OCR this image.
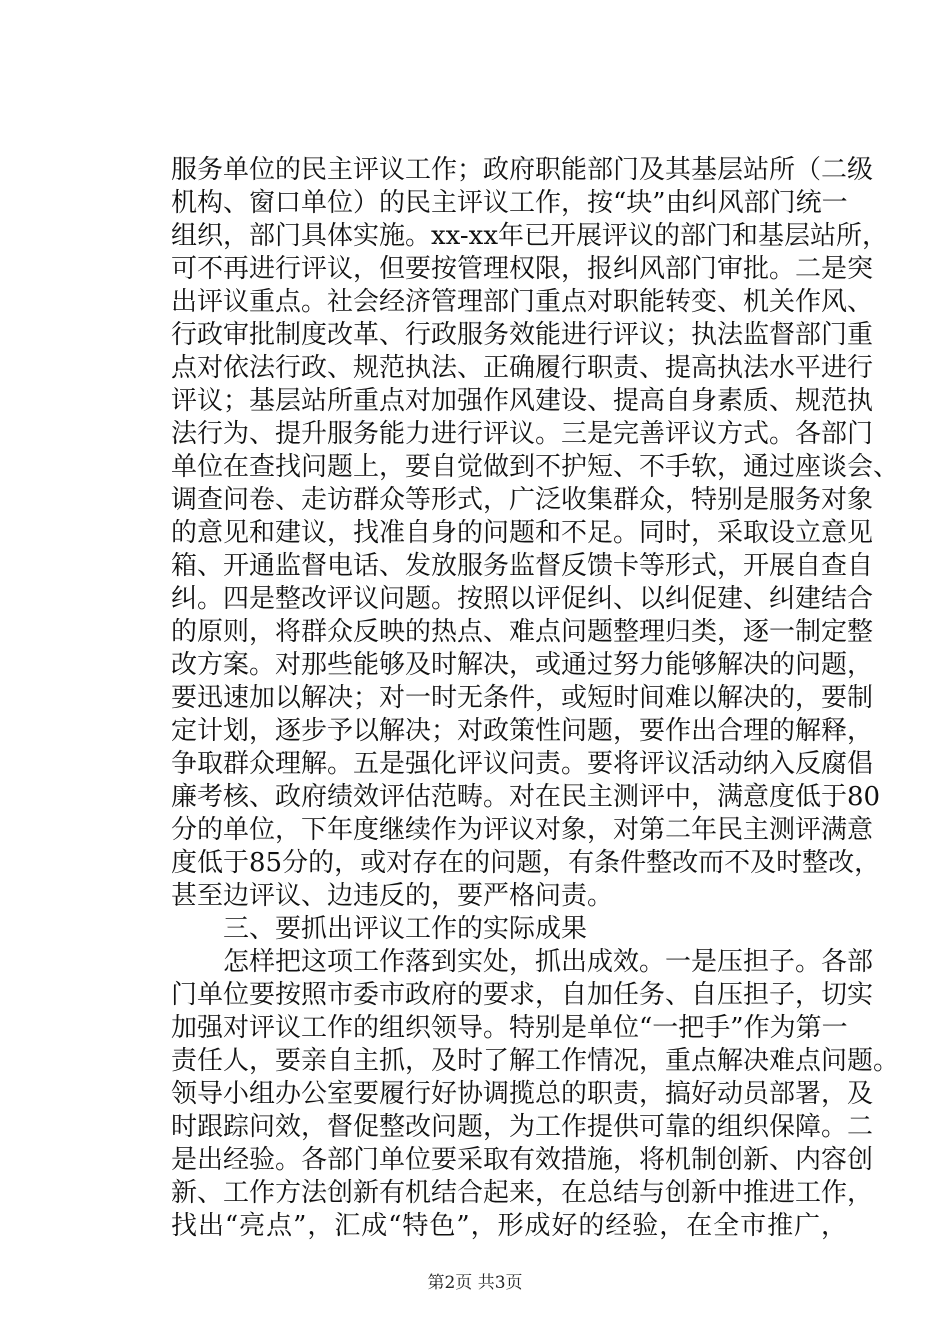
服务单位的民主评议工作；政府职能部门及其基层站所（二级
机构、窗口单位）的民主评议工作，按“块”由纠风部门统一
组织，部门具体实施。xx-xx年已开展评议的部门和基层站所，
可不再进行评议，但要按管理权限，报纠风部门审批。二是突
出评议重点。社会经济管理部门重点对职能转变、机关作风、
行政审批制度改革、行政服务效能进行评议；执法监督部门重
点对依法行政、规范执法、正确履行职责、提高执法水平进行
评议；基层站所重点对加强作风建设、提高自身素质、规范执
法行为、提升服务能力进行评议。三是完善评议方式。各部门
单位在查找问题上，要自觉做到不护短、不手软，通过座谈会、
调查问卷、走访群众等形式，广泛收集群众，特别是服务对象
的意见和建议，找准自身的问题和不足。同时，采取设立意见
箱、开通监督电话、发放服务监督反馈卡等形式，开展自查自
纠。四是整改评议问题。按照以评促纠、以纠促建、纠建结合
的原则，将群众反映的热点、难点问题整理归类，逐一制定整
改方案。对那些能够及时解决，或通过努力能够解决的问题，
要迅速加以解决；对一时无条件，或短时间难以解决的，要制
定计划，逐步予以解决；对政策性问题，要作出合理的解释，
争取群众理解。五是强化评议问责。要将评议活动纳入反腐倡
廉考核、政府绩效评估范畴。对在民主测评中，满意度低于80
分的单位，下年度继续作为评议对象，对第二年民主测评满意
度低于85分的，或对存在的问题，有条件整改而不及时整改，
甚至边评议、边违反的，要严格问责。
三、要抓出评议工作的实际成果
怎样把这项工作落到实处，抓出成效。一是压担子。各部
门单位要按照市委市政府的要求，自加任务、自压担子，切实
加强对评议工作的组织领导。特别是单位“一把手”作为第一
责任人，要亲自主抓，及时了解工作情况，重点解决难点问题。
领导小组办公室要履行好协调揽总的职责，搞好动员部署，及
时跟踪问效，督促整改问题，为工作提供可靠的组织保障。二
是出经验。各部门单位要采取有效措施，将机制创新、内容创
新、工作方法创新有机结合起来，在总结与创新中推进工作，
找出“亮点”，汇成“特色”，形成好的经验，在全市推广，
第2页 共3页
